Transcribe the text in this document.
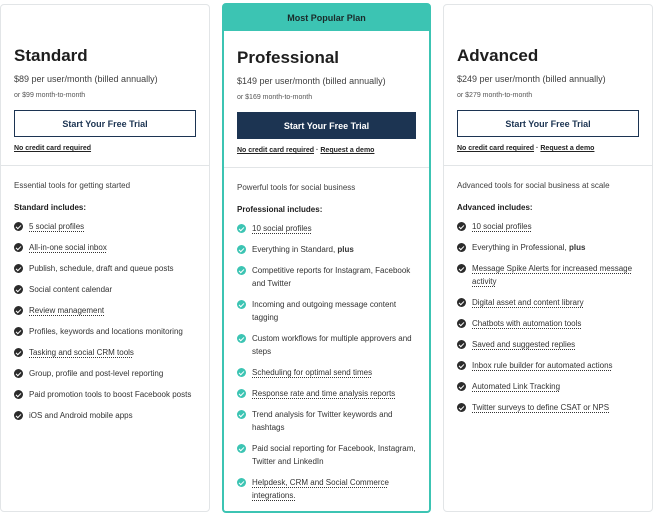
Standard
$89 per user/month (billed annually)
or $99 month-to-month
Start Your Free Trial
No credit card required
Essential tools for getting started
Standard includes:
5 social profiles
All-in-one social inbox
Publish, schedule, draft and queue posts
Social content calendar
Review management
Profiles, keywords and locations monitoring
Tasking and social CRM tools
Group, profile and post-level reporting
Paid promotion tools to boost Facebook posts
iOS and Android mobile apps
Most Popular Plan
Professional
$149 per user/month (billed annually)
or $169 month-to-month
Start Your Free Trial
No credit card required · Request a demo
Powerful tools for social business
Professional includes:
10 social profiles
Everything in Standard, plus
Competitive reports for Instagram, Facebook and Twitter
Incoming and outgoing message content tagging
Custom workflows for multiple approvers and steps
Scheduling for optimal send times
Response rate and time analysis reports
Trend analysis for Twitter keywords and hashtags
Paid social reporting for Facebook, Instagram, Twitter and LinkedIn
Helpdesk, CRM and Social Commerce integrations.
Advanced
$249 per user/month (billed annually)
or $279 month-to-month
Start Your Free Trial
No credit card required · Request a demo
Advanced tools for social business at scale
Advanced includes:
10 social profiles
Everything in Professional, plus
Message Spike Alerts for increased message activity
Digital asset and content library
Chatbots with automation tools
Saved and suggested replies
Inbox rule builder for automated actions
Automated Link Tracking
Twitter surveys to define CSAT or NPS
